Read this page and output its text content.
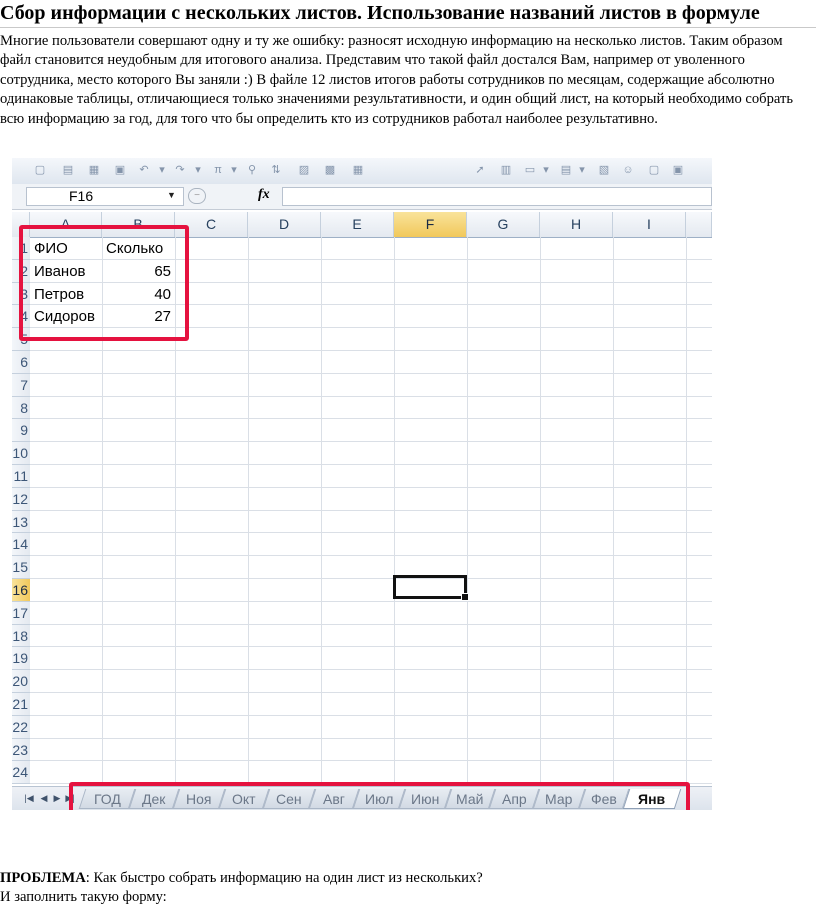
Сбор информации с нескольких листов. Использование названий листов в формуле
Многие пользователи совершают одну и ту же ошибку: разносят исходную информацию на несколько листов. Таким образом файл становится неудобным для итогового анализа. Представим что такой файл достался Вам, например от уволенного сотрудника, место которого Вы заняли :) В файле 12 листов итогов работы сотрудников по месяцам, содержащие абсолютно одинаковые таблицы, отличающиеся только значениями результативности, и один общий лист, на который необходимо собрать всю информацию за год, для того что бы определить кто из сотрудников работал наиболее результативно.
▢ ▤ ▦ ▣	↶ ▾ ↷ ▾	π ▾	⚲	⇅	▨ ▩ ▦	➚	▥ ▭ ▾	▤ ▾	▧ ☺ ▢ ▣
F16	▼	−	fx
A	B	C	D	E	F	G	H	I
1
2
3
4
5
6
7
8
9
10
11
12
13
14
15
16
17
18
19
20
21
22
23
24
ФИО	Сколько
Иванов	65
Петров	40
Сидоров	27
|◀ ◀ ▶ ▶|	ГОД	Дек	Ноя	Окт	Сен	Авг	Июл	Июн	Май	Апр	Мар	Фев	Янв
ПРОБЛЕМА: Как быстро собрать информацию на один лист из нескольких?
И заполнить такую форму:
